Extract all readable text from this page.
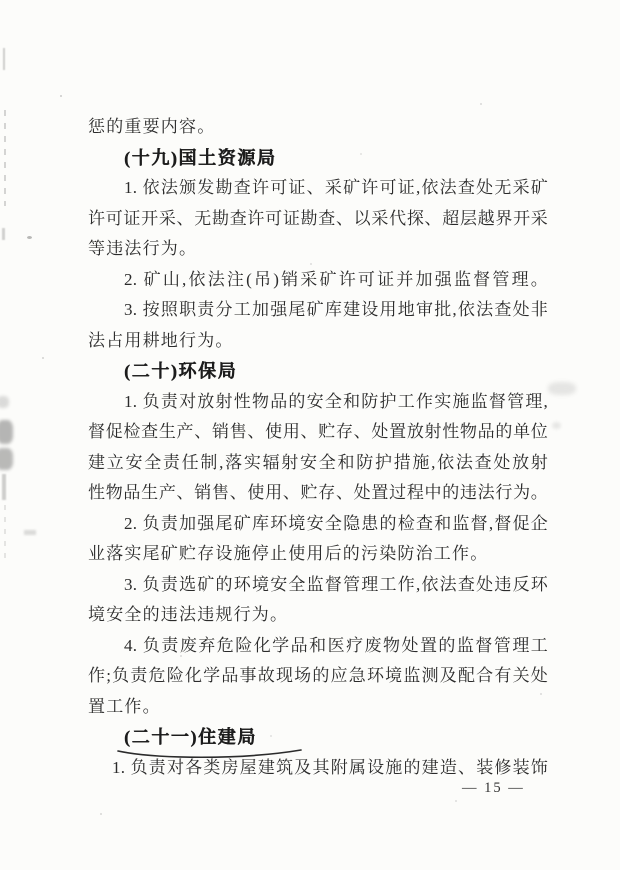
惩的重要内容。
(十九)国土资源局
1. 依法颁发勘查许可证、采矿许可证,依法查处无采矿
许可证开采、无勘查许可证勘查、以采代探、超层越界开采
等违法行为。
2. 矿山,依法注(吊)销采矿许可证并加强监督管理。
3. 按照职责分工加强尾矿库建设用地审批,依法查处非
法占用耕地行为。
(二十)环保局
1. 负责对放射性物品的安全和防护工作实施监督管理,
督促检查生产、销售、使用、贮存、处置放射性物品的单位
建立安全责任制,落实辐射安全和防护措施,依法查处放射
性物品生产、销售、使用、贮存、处置过程中的违法行为。
2. 负责加强尾矿库环境安全隐患的检查和监督,督促企
业落实尾矿贮存设施停止使用后的污染防治工作。
3. 负责选矿的环境安全监督管理工作,依法查处违反环
境安全的违法违规行为。
4. 负责废弃危险化学品和医疗废物处置的监督管理工
作;负责危险化学品事故现场的应急环境监测及配合有关处
置工作。
(二十一)住建局
1. 负责对各类房屋建筑及其附属设施的建造、装修装饰
— 15 —
